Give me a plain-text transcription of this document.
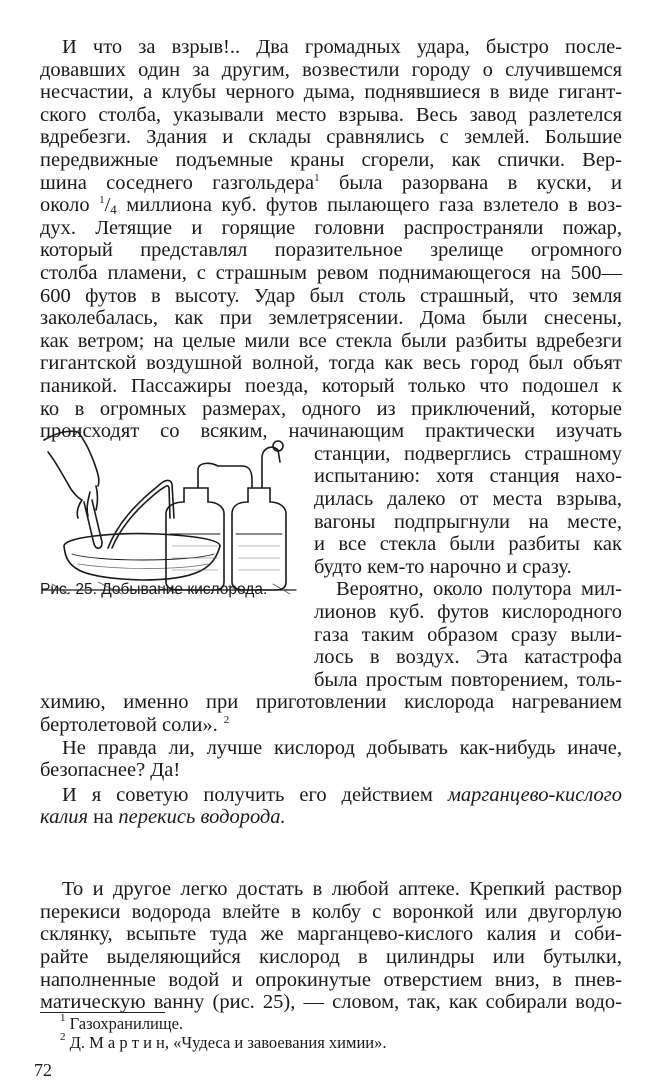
И что за взрыв!.. Два громадных удара, быстро после-
довавших один за другим, возвестили городу о случившемся
несчастии, а клубы черного дыма, поднявшиеся в виде гигант-
ского столба, указывали место взрыва. Весь завод разлетелся
вдребезги. Здания и склады сравнялись с землей. Большие
передвижные подъемные краны сгорели, как спички. Вер-
шина соседнего газгольдера$^1$ была разорвана в куски, и
около $^1$/4 миллиона куб. футов пылающего газа взлетело в воз-
дух. Летящие и горящие головни распространяли пожар,
который представлял поразительное зрелище огромного
столба пламени, с страшным ревом поднимающегося на 500—
600 футов в высоту. Удар был столь страшный, что земля
заколебалась, как при землетрясении. Дома были снесены,
как ветром; на целые мили все стекла были разбиты вдребезги
гигантской воздушной волной, тогда как весь город был объят
паникой. Пассажиры поезда, который только что подошел к
Рис. 25. Добывание кислорода.
станции, подверглись страшному
испытанию: хотя станция нахо-
дилась далеко от места взрыва,
вагоны подпрыгнули на месте,
и все стекла были разбиты как
будто кем-то нарочно и сразу.
Вероятно, около полутора мил-
лионов куб. футов кислородного
газа таким образом сразу выли-
лось в воздух. Эта катастрофа
была простым повторением, толь-
ко в огромных размерах, одного из приключений, которые
происходят со всяким, начинающим практически изучать
химию, именно при приготовлении кислорода нагреванием
бертолетовой соли». $^2$
Не правда ли, лучше кислород добывать как-нибудь иначе,
безопаснее? Да!
И я советую получить его действием марганцево-кислого
калия на перекись водорода.
То и другое легко достать в любой аптеке. Крепкий раствор
перекиси водорода влейте в колбу с воронкой или двугорлую
склянку, всыпьте туда же марганцево-кислого калия и соби-
райте выделяющийся кислород в цилиндры или бутылки,
наполненные водой и опрокинутые отверстием вниз, в пнев-
матическую ванну (рис. 25), — словом, так, как собирали водо-
$^1$ Газохранилище.
$^2$ Д. М а р т и н, «Чудеса и завоевания химии».
72
